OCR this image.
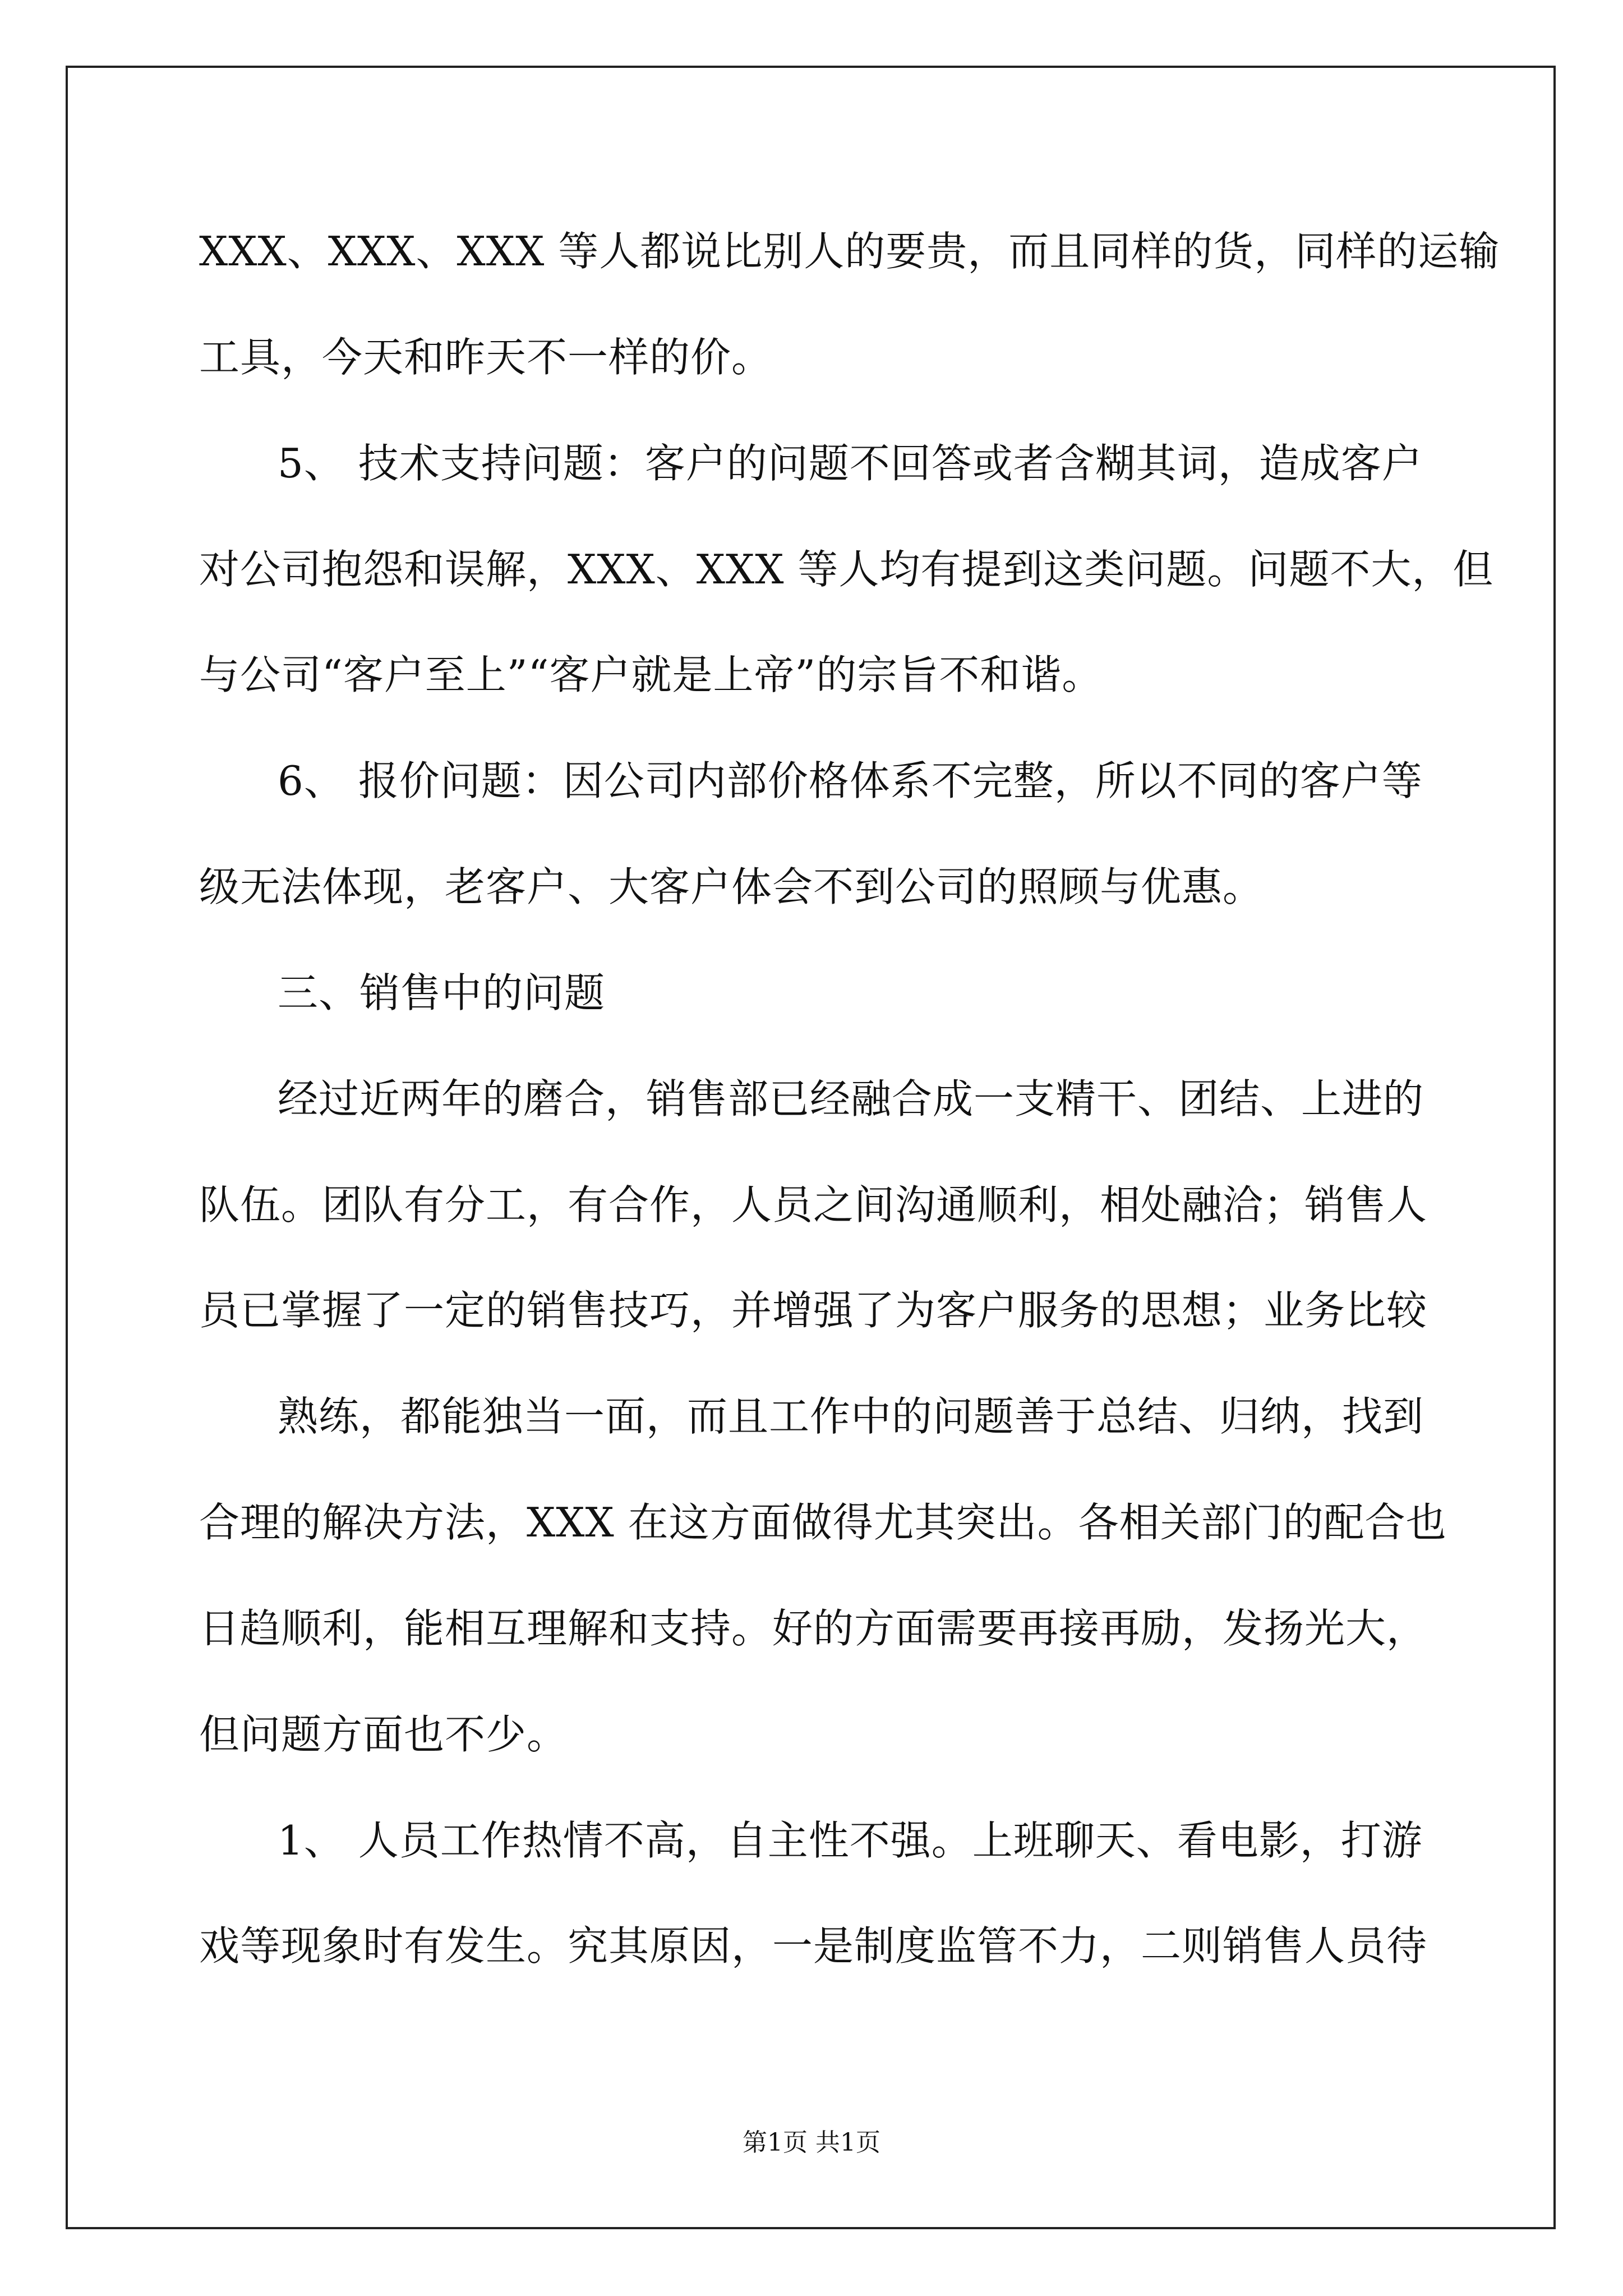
XXX、XXX、XXX 等人都说比别人的要贵，而且同样的货，同样的运输
工具，今天和昨天不一样的价。
5、 技术支持问题：客户的问题不回答或者含糊其词，造成客户
对公司抱怨和误解，XXX、XXX 等人均有提到这类问题。问题不大，但
与公司“客户至上”“客户就是上帝”的宗旨不和谐。
6、 报价问题：因公司内部价格体系不完整，所以不同的客户等
级无法体现，老客户、大客户体会不到公司的照顾与优惠。
三、销售中的问题
经过近两年的磨合，销售部已经融合成一支精干、团结、上进的
队伍。团队有分工，有合作，人员之间沟通顺利，相处融洽；销售人
员已掌握了一定的销售技巧，并增强了为客户服务的思想；业务比较
熟练，都能独当一面，而且工作中的问题善于总结、归纳，找到
合理的解决方法，XXX 在这方面做得尤其突出。各相关部门的配合也
日趋顺利，能相互理解和支持。好的方面需要再接再励，发扬光大，
但问题方面也不少。
1、 人员工作热情不高，自主性不强。上班聊天、看电影，打游
戏等现象时有发生。究其原因，一是制度监管不力，二则销售人员待
第1页 共1页
